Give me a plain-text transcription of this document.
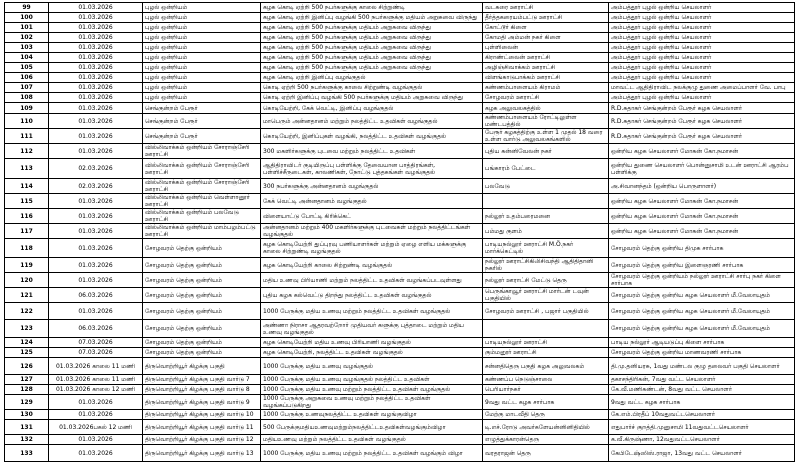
99	01.03.2026	புழல் ஒன்றியம்	கழக கொடி ஏற்றி 500 நபர்களுக்கு காலை சிற்றுண்டி	வடகரை ஊராட்சி	அம்பத்தூர் புழல் ஒன்றிய செயலாளர்
100	01.03.2026	புழல் ஒன்றியம்	கழக கொடி ஏற்றி இனிப்பு வழங்கி 500 நபர்களுக்கு மதியம் அறுசுவை விருந்து	தீர்த்தகரையம்பட்டு ஊராட்சி	அம்பத்தூர் புழல் ஒன்றிய செயலாளர்
101	01.03.2026	புழல் ஒன்றியம்	கழக கொடி ஏற்றி 500 நபர்களுக்கு மதியம் அறுசுவை விருந்து	கோட்டூர் கிளை	அம்பத்தூர் புழல் ஒன்றிய செயலாளர்
102	01.03.2026	புழல் ஒன்றியம்	கழக கொடி ஏற்றி 500 நபர்களுக்கு மதியம் அறுசுவை விருந்து	கோமதி அம்மன் நகர் கிளை	அம்பத்தூர் புழல் ஒன்றிய செயலாளர்
103	01.03.2026	புழல் ஒன்றியம்	கழக கொடி ஏற்றி 500 நபர்களுக்கு மதியம் அறுசுவை விருந்து	புள்ளிலைன்	அம்பத்தூர் புழல் ஒன்றிய செயலாளர்
104	01.03.2026	புழல் ஒன்றியம்	கழக கொடி ஏற்றி 500 நபர்களுக்கு மதியம் அறுசுவை விருந்து	கிராண்ட்லைன் ஊராட்சி	அம்பத்தூர் புழல் ஒன்றிய செயலாளர்
105	01.03.2026	புழல் ஒன்றியம்	கழக கொடி ஏற்றி 500 நபர்களுக்கு மதியம் அறுசுவை விருந்து	அழிஞ்சிவாக்கம் ஊராட்சி	அம்பத்தூர் புழல் ஒன்றிய செயலாளர்
106	01.03.2026	புழல் ஒன்றியம்	கழக கொடி ஏற்றி இனிப்பு வழங்குதல்	விளங்காடுபாக்கம் ஊராட்சி	அம்பத்தூர் புழல் ஒன்றிய செயலாளர்
107	01.03.2026	புழல் ஒன்றியம்	கொடி ஏற்றி 500 நபர்களுக்கு காலை சிற்றுண்டி வழங்குதல்	கண்ணம்பாளையம் கிராமம்	மாவட்ட ஆதிதிராவிட நலக்குழு துணை அமைப்பாளர் வே. பாபு
108	01.03.2026	புழல் ஒன்றியம்	கொடி ஏற்றி இனிப்பு வழங்கி 500 நபர்களுக்கு மதியம் அறுசுவை விருந்து	சோழவரம் ஊராட்சி	அம்பத்தூர் புழல் ஒன்றிய செயலாளர்
109	01.03.2026	செங்குன்றம் பேரூர்	கொடியேற்றி, கேக் வெட்டி, இனிப்பு வழங்குதல்	கழக அலுவலகத்தில்	R.D.சுதாகர் செங்குன்றம் பேரூர் கழக செயலாளர்
110	01.03.2026	செங்குன்றம் பேரூர்	மாபெரும் அன்னதானம் மற்றும் நலத்திட்ட உதவிகள் வழங்குதல்	கண்ணம்பாளையம் ரோட்டிலுள்ள மண்டபத்தில்	R.D.சுதாகர் செங்குன்றம் பேரூர் கழக செயலாளர்
111	01.03.2026	செங்குன்றம் பேரூர்	கொடியேற்றி, இனிப்புகள் வழங்கி, நலத்திட்ட உதவிகள் வழங்குதல்	பேரூர் கழகத்திற்கு உள்ள 1 முதல் 18 வரை உள்ள வார்டு அலுவலகங்களில்	R.D.சுதாகர் செங்குன்றம் பேரூர் கழக செயலாளர்
112	01.03.2026	வில்லிவாக்கம் ஒன்றியம் சோராஞ்சேரி ஊராட்சி	300 மகளிர்களுக்கு புடவை மற்றும் நலத்திட்ட உதவிகள்	புதிய கன்னிவேலன் நகர்	ஒன்றிய கழக செயலாளர் மோகன் கோ.நமாசன்
113	02.03.2026	வில்லிவாக்கம் ஒன்றியம் சோராஞ்சேரி ஊராட்சி	ஆதிதிராவிடர் குடியிருப்பு பள்ளிக்கு தேவையான பாத்திரங்கள், பள்ளிச்சீருடைகள், காலணிகள், நோட்டு புத்தகங்கள் வழங்குதல்	பங்காரம் பேட்டை	ஒன்றிய துணை செயலாளர் பொன்னுசாமி உடன் ஊராட்சி ஆரம்ப பள்ளிக்கு
114	02.03.2026	வில்லிவாக்கம் ஒன்றியம் சோராஞ்சேரி ஊராட்சி	300 நபர்களுக்கு அன்னதானம் வழங்குதல்	பலவேடு	அ.சிவானந்தம் (ஒன்றிய பொருளாளர்)
115	01.03.2026	வில்லிவாக்கம் ஒன்றியம் வெள்ளானூர் ஊராட்சி	கேக் வெட்டி அன்னதானம் வழங்குதல்		ஒன்றிய கழக செயலாளர் மோகன் கோ.நமாசன்
116	01.03.2026	வில்லிவாக்கம் ஒன்றியம் பலவேடு ஊராட்சி	விளையாட்டு போட்டி கிரிக்கெட்	நல்லூர் உதம்பரைமனை	ஒன்றிய கழக செயலாளர் மோகன் கோ.நமாசன்
117	01.03.2026	வில்லிவாக்கம் ஒன்றியம் மாம்பழம்பட்டு ஊராட்சி	அன்னதானம் மற்றும் 400 மகளிர்களுக்கு புடவைகள் மற்றும் நலத்திட்டங்கள் வழங்குதல்	பம்மது குளம்	ஒன்றிய கழக செயலாளர் மோகன் கோ.நமாசன்
118	01.03.2026	சோழவரம் தெற்கு ஒன்றியம்	கழக கொடியேற்றி துப்புரவு பணியாளர்கள் மற்றும் ஏழை எளிய மக்களுக்கு காலை சிற்றுண்டி வழங்குதல்	பாடியநல்லூர் ஊராட்சி M.Ö.நகர் மார்க்கெட்டில்	சோழவரம் தெற்கு ஒன்றிய திமுக சார்பாக
119	01.03.2026	சோழவரம் தெற்கு ஒன்றியம்	கழக கொடியேற்றி காலை சிற்றுண்டி வழங்குதல்	நல்லூர் ஊராட்சிகிலிசிவந்தி ஆதிதிதானி நகரில்	சோழவரம் தெற்கு ஒன்றிய இளைஞரணி சார்பாக
120	01.03.2026	சோழவரம் தெற்கு ஒன்றியம்	மதிய உணவு பிரியாணி மற்றும் நலத்திட்ட உதவிகள் வழங்கப்படவுள்ளது	நல்லூர் ஊராட்சி மேட்டு தெரு	சோழவரம் தெற்கு ஒன்றியம் நல்லூர் ஊராட்சி சார்பு நகர் கிளை சார்பாக
121	06.03.2026	சோழவரம் தெற்கு ஒன்றியம்	புதிய கழக கல்வெட்டு திறந்து நலத்திட்ட உதவிகள் வழங்குதல்	பெருங்காவூர் ஊராட்சி மார்டன் டவுன் பகுதியில்	சோழவரம் தெற்கு ஒன்றிய கழக செயலாளர் மீ.வேலாயுதம்
122	01.03.2026	சோழவரம் தெற்கு ஒன்றியம்	1000 பேருக்கு மதிய உணவு மற்றும் நலத்திட்ட உதவிகள் வழங்குதல்	சோழவரம் ஊராட்சி , பஜார் பகுதியில்	சோழவரம் தெற்கு ஒன்றிய கழக செயலாளர் மீ.வேலாயுதம்
123	06.03.2026	சோழவரம் தெற்கு ஒன்றியம்	அண்ணா நிராசா ஆதரவற்றோர் முதியவர் களுக்கு புத்தாடை மற்றும் மதிய உணவு வழங்குதல்		சோழவரம் தெற்கு ஒன்றிய கழக செயலாளர் மீ.வேலாயுதம்
124	07.03.2026	சோழவரம் தெற்கு ஒன்றியம்	கழக கொடியேற்றி மதிய உணவு பிரியாணி வழங்குதல்	பாடியநல்லூர் ஊராட்சி	பாடிய நல்லூர் ஆடியடுப்பு கிளை சார்பாக
125	07.03.2026	சோழவரம் தெற்கு ஒன்றியம்	கழக கொடியேற்றி, நலத்திட்ட உதவிகள் வழங்குதல்	கும்மனூர் ஊராட்சி	சோழவரம் தெற்கு ஒன்றிய மாணவரணி சார்பாக
126	01.03.2026 காலை 11 மணி	திருவொற்றியூர் கிழக்கு பகுதி	1000 பேருக்கு மதிய உணவு வழங்குதல்	சன்னதிதெரு பகுதி கழக அலுவலகம்	தி.மு.தனியரசு, 1வது மண்டல குழு தலைவர் பகுதி செயலாளர்
127	01.03.2026 காலை 11 மணி	திருவொற்றியூர் கிழக்கு பகுதி வார்டு 7	1000 பேருக்கு மதிய உணவு வழங்குதல் நலத்திட்ட உதவிகள்	கண்ணப்ப நெடுஞ்சாலை	தகாசந்திரிகன், 7வது வட்ட செயலாளர்
128	01.03.2026 காலை 12 மணி	திருவொற்றியூர் கிழக்கு பகுதி வார்டு 8	1000 பேருக்கு மதிய உணவு மற்றும் நலத்திட்ட உதவிகள் வழங்குதல்	பெரியார்நகர்	கே.வீ.மணிகண்டன், 8வது வட்ட செயலாளர்
129	01.03.2026	திருவொற்றியூர் கிழக்கு பகுதி வார்டு 9	1000 பேருக்கு அறுசுவை உணவு மற்றும் நலத்திட்ட உதவிகள் வழங்கப்படுகிறது	9வது வட்ட கழக சார்பாக	9வது வட்ட கழக சார்பாக
130	01.03.2026	திருவொற்றியூர் கிழக்கு பகுதி வார்டு 10	1000 பேருக்கு உணவுநலத்திட்ட உதவிகள் வழங்குவிழா	மேற்கு மாடவீதி தெரு	கே.எம்.பிரதீப் 10வதுவட்டசெயலாளர்
131	01.03.2026பகல் 12 மணி	திருவொற்றியூர் கிழக்கு பகுதி வார்டு 11	500 பேருக்குமதியஉணவுமற்றும்நலத்திட்டஉதவிகள்வழங்கும்விழா	டி.எச்.ரோடு அவர்களேயன்னினிதியில்	எதுபார்ச் குறத்தி.முனுசாமி 11வதுவட்டசெயலாளர்
132	01.03.2026	திருவொற்றியூர் கிழக்கு பகுதி வார்டு 12	மதியஉணவு மற்றும் நலத்திட்ட உதவிகள் வழங்குதல்	எழுத்துக்காரன்தெரு	க.வீ.கிருஷ்ணா, 12வதுவட்டசெயலாளர்
133	01.03.2026	திருவொற்றியூர் கிழக்கு பகுதி வார்டு 13	1000 பேருக்கு மதிய உணவு மற்றும் நலத்திட்ட உதவிகள் வழங்கும் விழா	வரதராஜன் தெரு	கேபிடேஷ்ஸிஸ்.ராஜா, 13வது வட்ட செயலாளர்
